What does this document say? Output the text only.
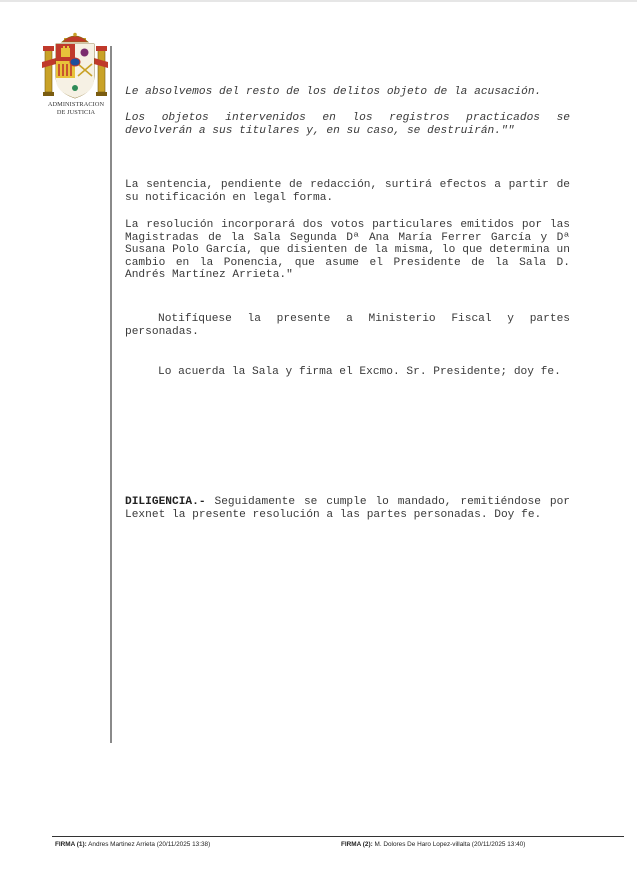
ADMINISTRACION
DE JUSTICIA

Le absolvemos del resto de los delitos objeto de la acusación.

Los objetos intervenidos en los registros practicados se devolverán a sus titulares y, en su caso, se destruirán.""

La sentencia, pendiente de redacción, surtirá efectos a partir de su notificación en legal forma.

La resolución incorporará dos votos particulares emitidos por las Magistradas de la Sala Segunda Dª Ana María Ferrer García y Dª Susana Polo García, que disienten de la misma, lo que determina un cambio en la Ponencia, que asume el Presidente de la Sala D. Andrés Martínez Arrieta."

Notifíquese la presente a Ministerio Fiscal y partes personadas.

Lo acuerda la Sala y firma el Excmo. Sr. Presidente; doy fe.

DILIGENCIA.- Seguidamente se cumple lo mandado, remitiéndose por Lexnet la presente resolución a las partes personadas. Doy fe.

FIRMA (1): Andres Martinez Arrieta (20/11/2025 13:38)	FIRMA (2): M. Dolores De Haro Lopez-villalta (20/11/2025 13:40)
